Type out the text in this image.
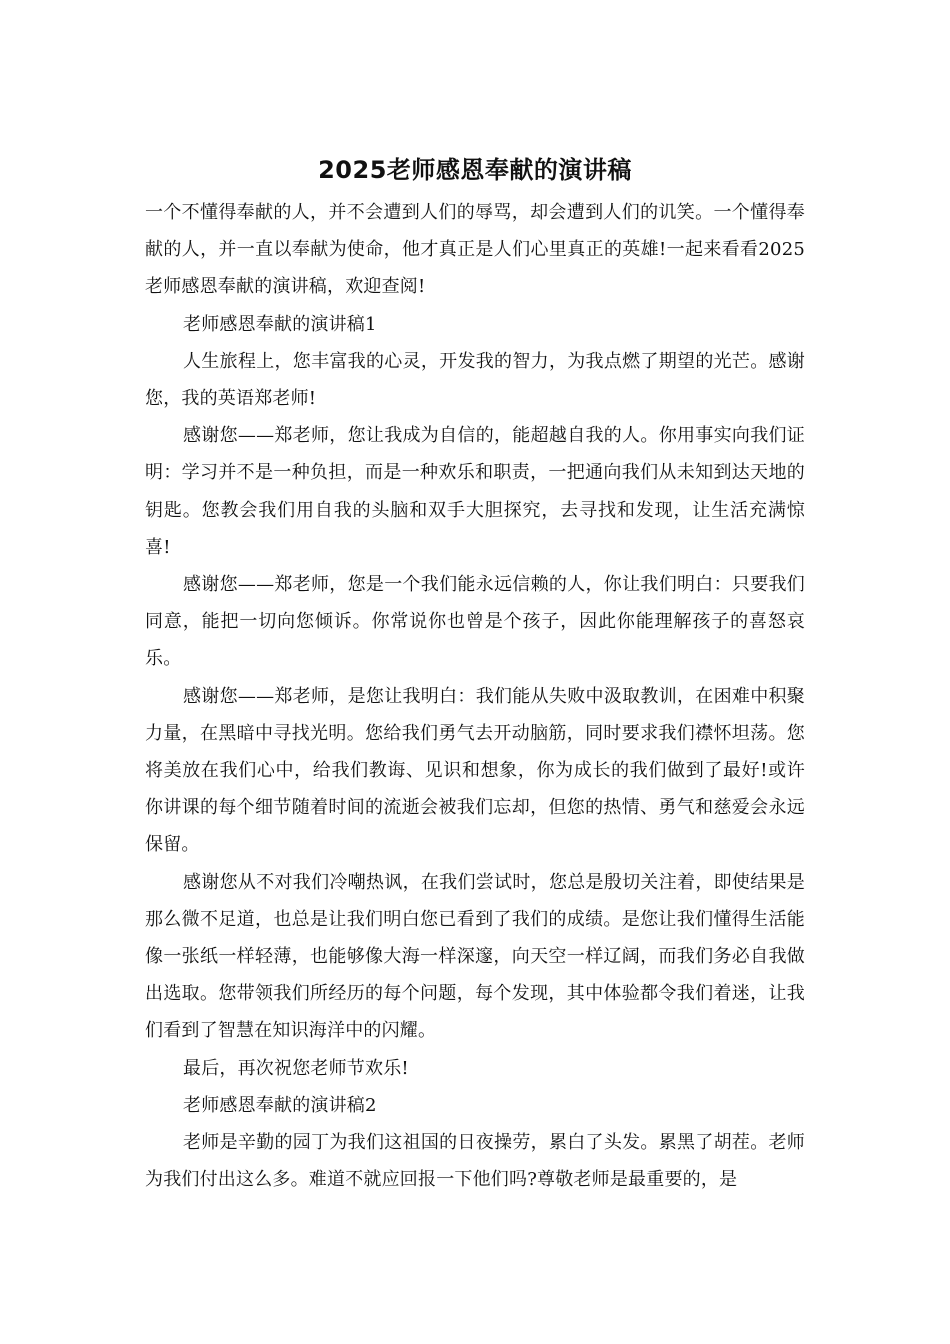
2025老师感恩奉献的演讲稿

一个不懂得奉献的人，并不会遭到人们的辱骂，却会遭到人们的讥笑。一个懂得奉献的人，并一直以奉献为使命，他才真正是人们心里真正的英雄!一起来看看2025老师感恩奉献的演讲稿，欢迎查阅!

老师感恩奉献的演讲稿1

人生旅程上，您丰富我的心灵，开发我的智力，为我点燃了期望的光芒。感谢您，我的英语郑老师!

感谢您——郑老师，您让我成为自信的，能超越自我的人。你用事实向我们证明：学习并不是一种负担，而是一种欢乐和职责，一把通向我们从未知到达天地的钥匙。您教会我们用自我的头脑和双手大胆探究，去寻找和发现，让生活充满惊喜!

感谢您——郑老师，您是一个我们能永远信赖的人，你让我们明白：只要我们同意，能把一切向您倾诉。你常说你也曾是个孩子，因此你能理解孩子的喜怒哀乐。

感谢您——郑老师，是您让我明白：我们能从失败中汲取教训，在困难中积聚力量，在黑暗中寻找光明。您给我们勇气去开动脑筋，同时要求我们襟怀坦荡。您将美放在我们心中，给我们教诲、见识和想象，你为成长的我们做到了最好!或许你讲课的每个细节随着时间的流逝会被我们忘却，但您的热情、勇气和慈爱会永远保留。

感谢您从不对我们冷嘲热讽，在我们尝试时，您总是殷切关注着，即使结果是那么微不足道，也总是让我们明白您已看到了我们的成绩。是您让我们懂得生活能像一张纸一样轻薄，也能够像大海一样深邃，向天空一样辽阔，而我们务必自我做出选取。您带领我们所经历的每个问题，每个发现，其中体验都令我们着迷，让我们看到了智慧在知识海洋中的闪耀。

最后，再次祝您老师节欢乐!

老师感恩奉献的演讲稿2

老师是辛勤的园丁为我们这祖国的日夜操劳，累白了头发。累黑了胡茬。老师为我们付出这么多。难道不就应回报一下他们吗?尊敬老师是最重要的，是
